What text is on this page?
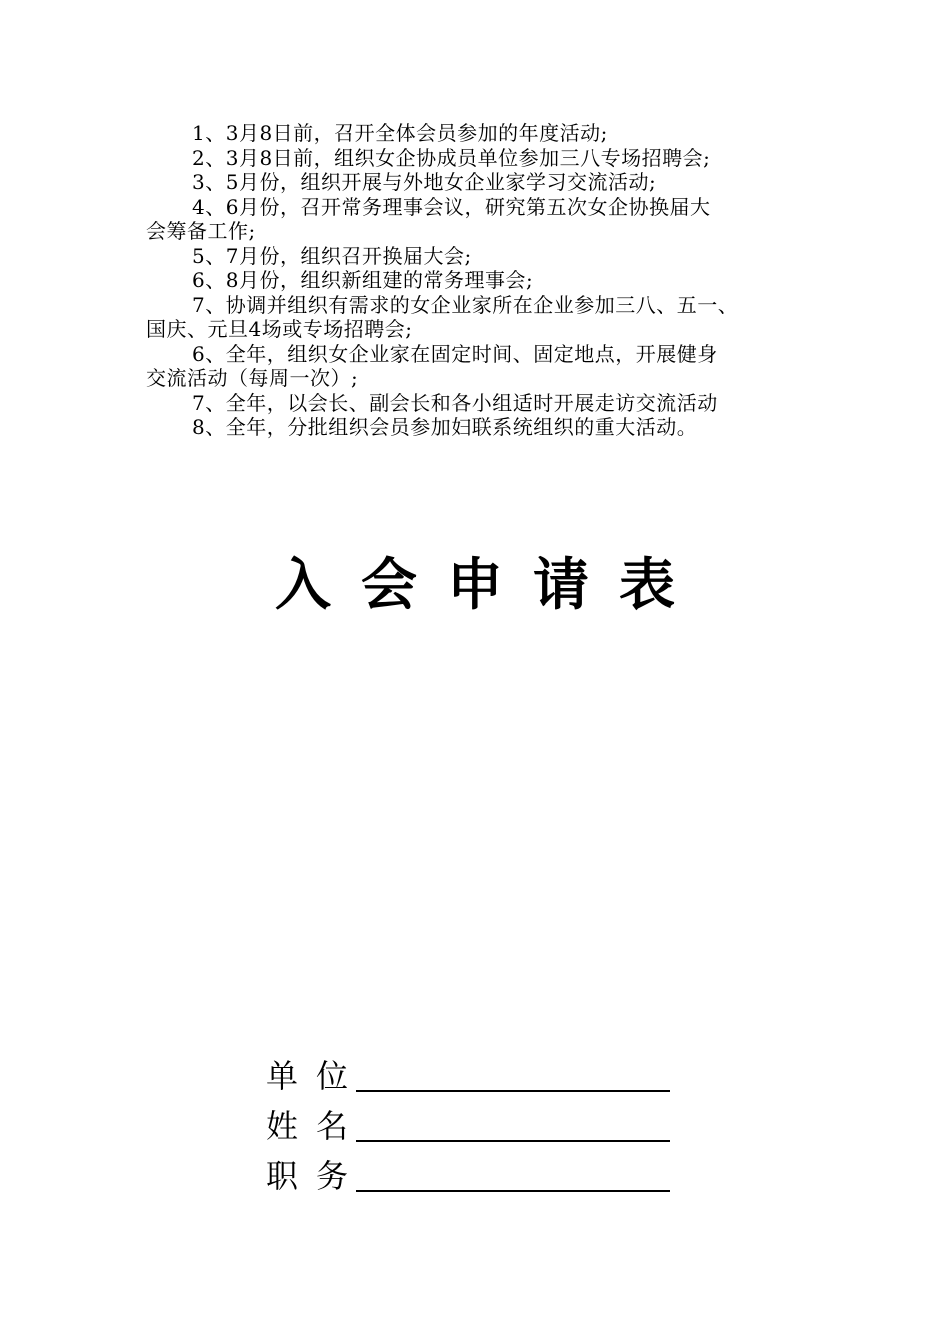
1、3月8日前，召开全体会员参加的年度活动;
2、3月8日前，组织女企协成员单位参加三八专场招聘会;
3、5月份，组织开展与外地女企业家学习交流活动;
4、6月份，召开常务理事会议，研究第五次女企协换届大
会筹备工作;
5、7月份，组织召开换届大会;
6、8月份，组织新组建的常务理事会;
7、协调并组织有需求的女企业家所在企业参加三八、五一、
国庆、元旦4场或专场招聘会;
6、全年，组织女企业家在固定时间、固定地点，开展健身
交流活动（每周一次）;
7、全年，以会长、副会长和各小组适时开展走访交流活动
8、全年，分批组织会员参加妇联系统组织的重大活动。
入会申请表
单位
姓名
职务
